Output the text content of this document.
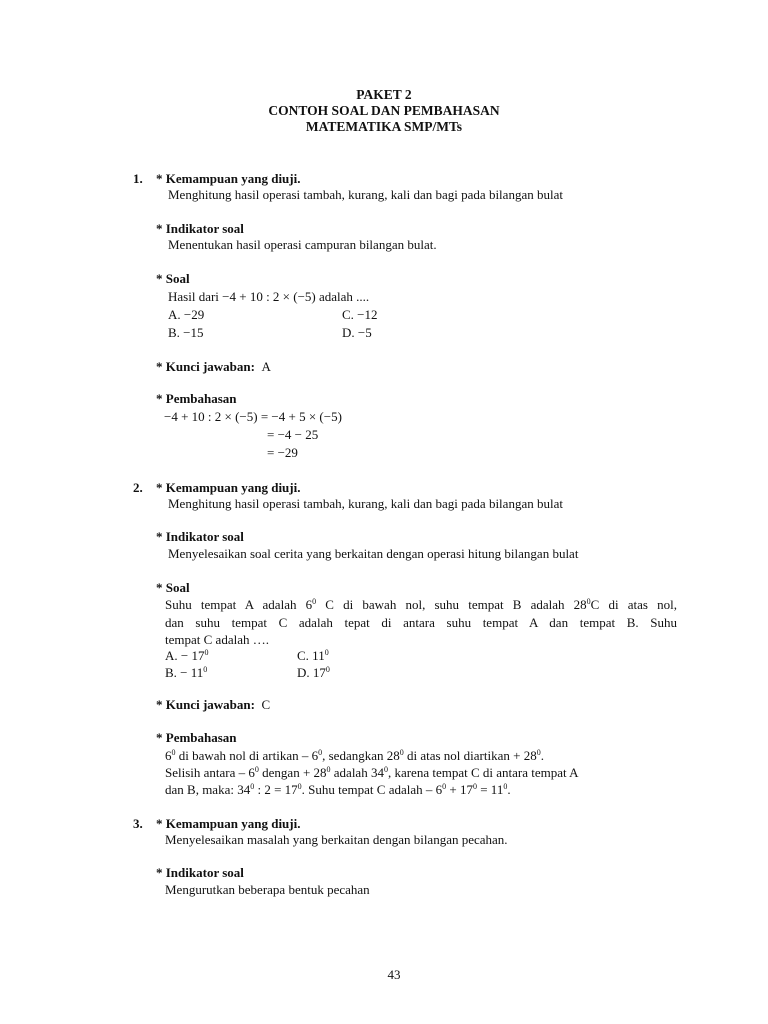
PAKET 2
CONTOH SOAL DAN PEMBAHASAN
MATEMATIKA SMP/MTs
1. * Kemampuan yang diuji.
Menghitung hasil operasi tambah, kurang, kali dan bagi pada bilangan bulat
* Indikator soal
Menentukan hasil operasi campuran bilangan bulat.
* Soal
Hasil dari −4 + 10 : 2 × (−5) adalah ....
A. −29	C. −12
B. −15	D. −5
* Kunci jawaban: A
* Pembahasan
−4 + 10 : 2 × (−5) = −4 + 5 × (−5)
= −4 − 25
= −29
2. * Kemampuan yang diuji.
Menghitung hasil operasi tambah, kurang, kali dan bagi pada bilangan bulat
* Indikator soal
Menyelesaikan soal cerita yang berkaitan dengan operasi hitung bilangan bulat
* Soal
Suhu tempat A adalah $6^0$ C di bawah nol, suhu tempat B adalah $28^0C$ di atas nol,
dan suhu tempat C adalah tepat di antara suhu tempat A dan tempat B. Suhu
tempat C adalah ….
A. − $17^0$	C. $11^0$
B. − $11^0$	D. $17^0$
* Kunci jawaban: C
* Pembahasan
$6^0$ di bawah nol di artikan – $6^0$, sedangkan $28^0$ di atas nol diartikan + $28^0$.
Selisih antara – $6^0$ dengan + $28^0$ adalah $34^0$, karena tempat C di antara tempat A
dan B, maka: $34^0$ : $2 = 17^0$. Suhu tempat C adalah – $6^0 + 17^0 = 11^0$.
3. * Kemampuan yang diuji.
Menyelesaikan masalah yang berkaitan dengan bilangan pecahan.
* Indikator soal
Mengurutkan beberapa bentuk pecahan
43
